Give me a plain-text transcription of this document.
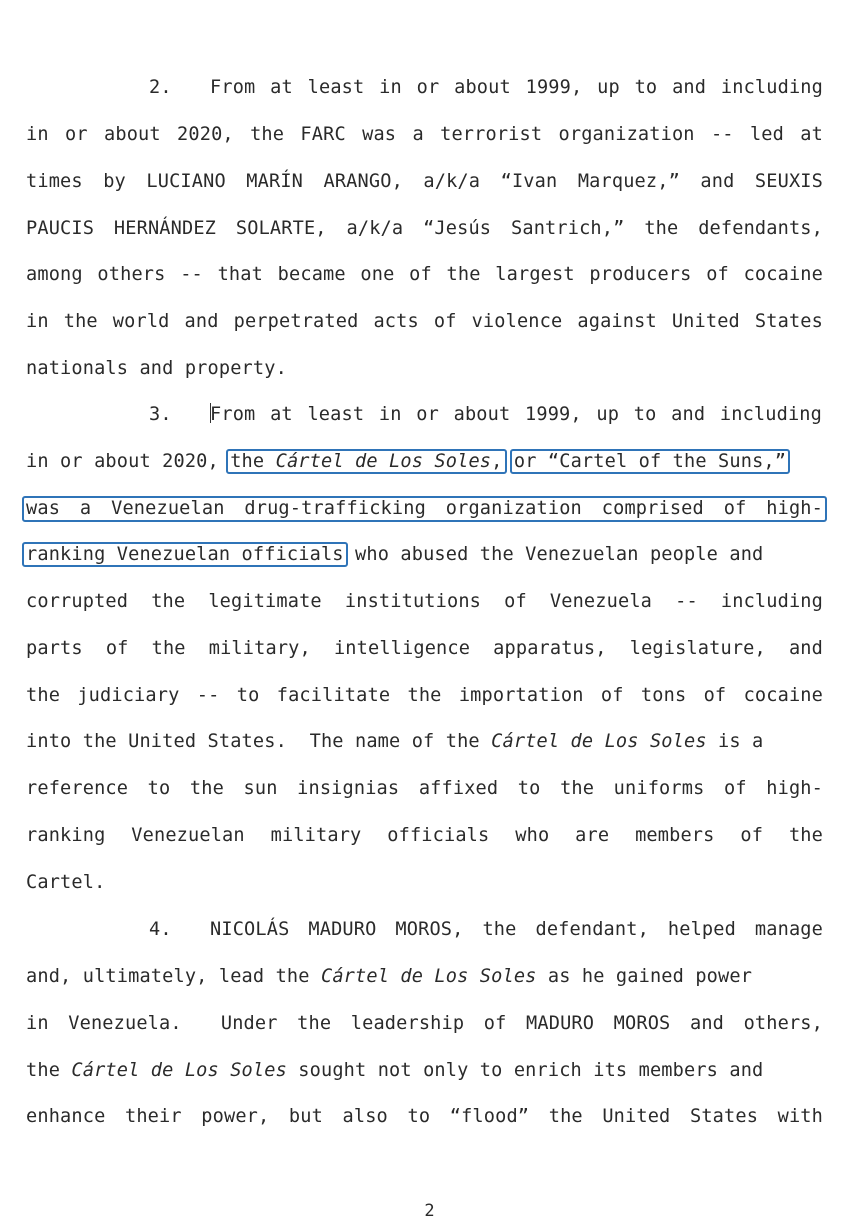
2. From at least in or about 1999, up to and including
in or about 2020, the FARC was a terrorist organization -- led at
times by LUCIANO MARÍN ARANGO, a/k/a “Ivan Marquez,” and SEUXIS
PAUCIS HERNÁNDEZ SOLARTE, a/k/a “Jesús Santrich,” the defendants,
among others -- that became one of the largest producers of cocaine
in the world and perpetrated acts of violence against United States
nationals and property.
3. From at least in or about 1999, up to and including
in or about 2020, the Cártel de Los Soles, or “Cartel of the Suns,”
was a Venezuelan drug-trafficking organization comprised of high-
ranking Venezuelan officials who abused the Venezuelan people and
corrupted the legitimate institutions of Venezuela -- including
parts of the military, intelligence apparatus, legislature, and
the judiciary -- to facilitate the importation of tons of cocaine
into the United States.  The name of the Cártel de Los Soles is a
reference to the sun insignias affixed to the uniforms of high-
ranking Venezuelan military officials who are members of the
Cartel.
4. NICOLÁS MADURO MOROS, the defendant, helped manage
and, ultimately, lead the Cártel de Los Soles as he gained power
in Venezuela.  Under the leadership of MADURO MOROS and others,
the Cártel de Los Soles sought not only to enrich its members and
enhance their power, but also to “flood” the United States with
2
